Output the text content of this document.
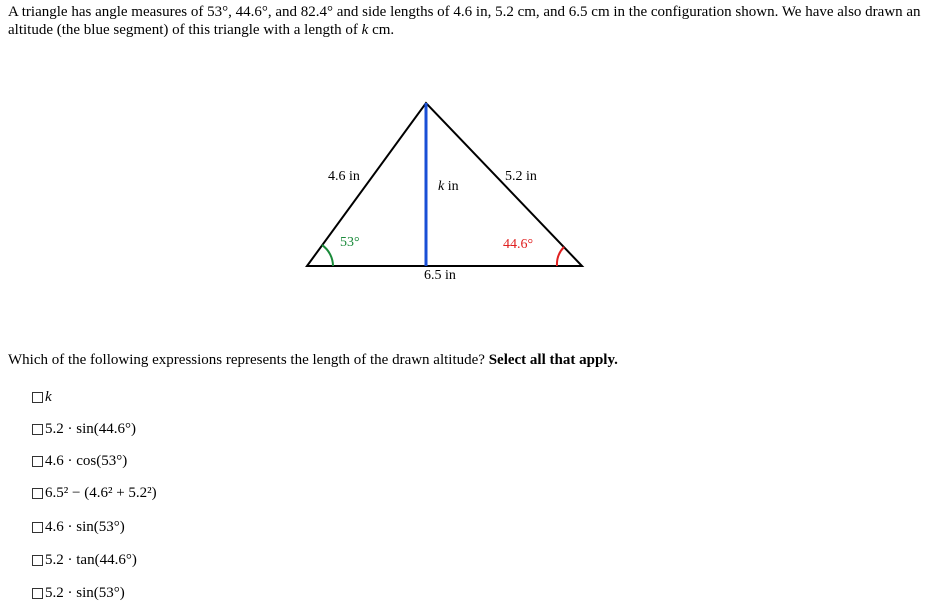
A triangle has angle measures of 53°, 44.6°, and 82.4° and side lengths of 4.6 in, 5.2 cm, and 6.5 cm in the configuration shown. We have also drawn an altitude (the blue segment) of this triangle with a length of k cm.
4.6 in	5.2 in
k in
6.5 in
53°	44.6°
Which of the following expressions represents the length of the drawn altitude? Select all that apply.
k
5.2 · sin(44.6°)
4.6 · cos(53°)
6.5² − (4.6² + 5.2²)
4.6 · sin(53°)
5.2 · tan(44.6°)
5.2 · sin(53°)
